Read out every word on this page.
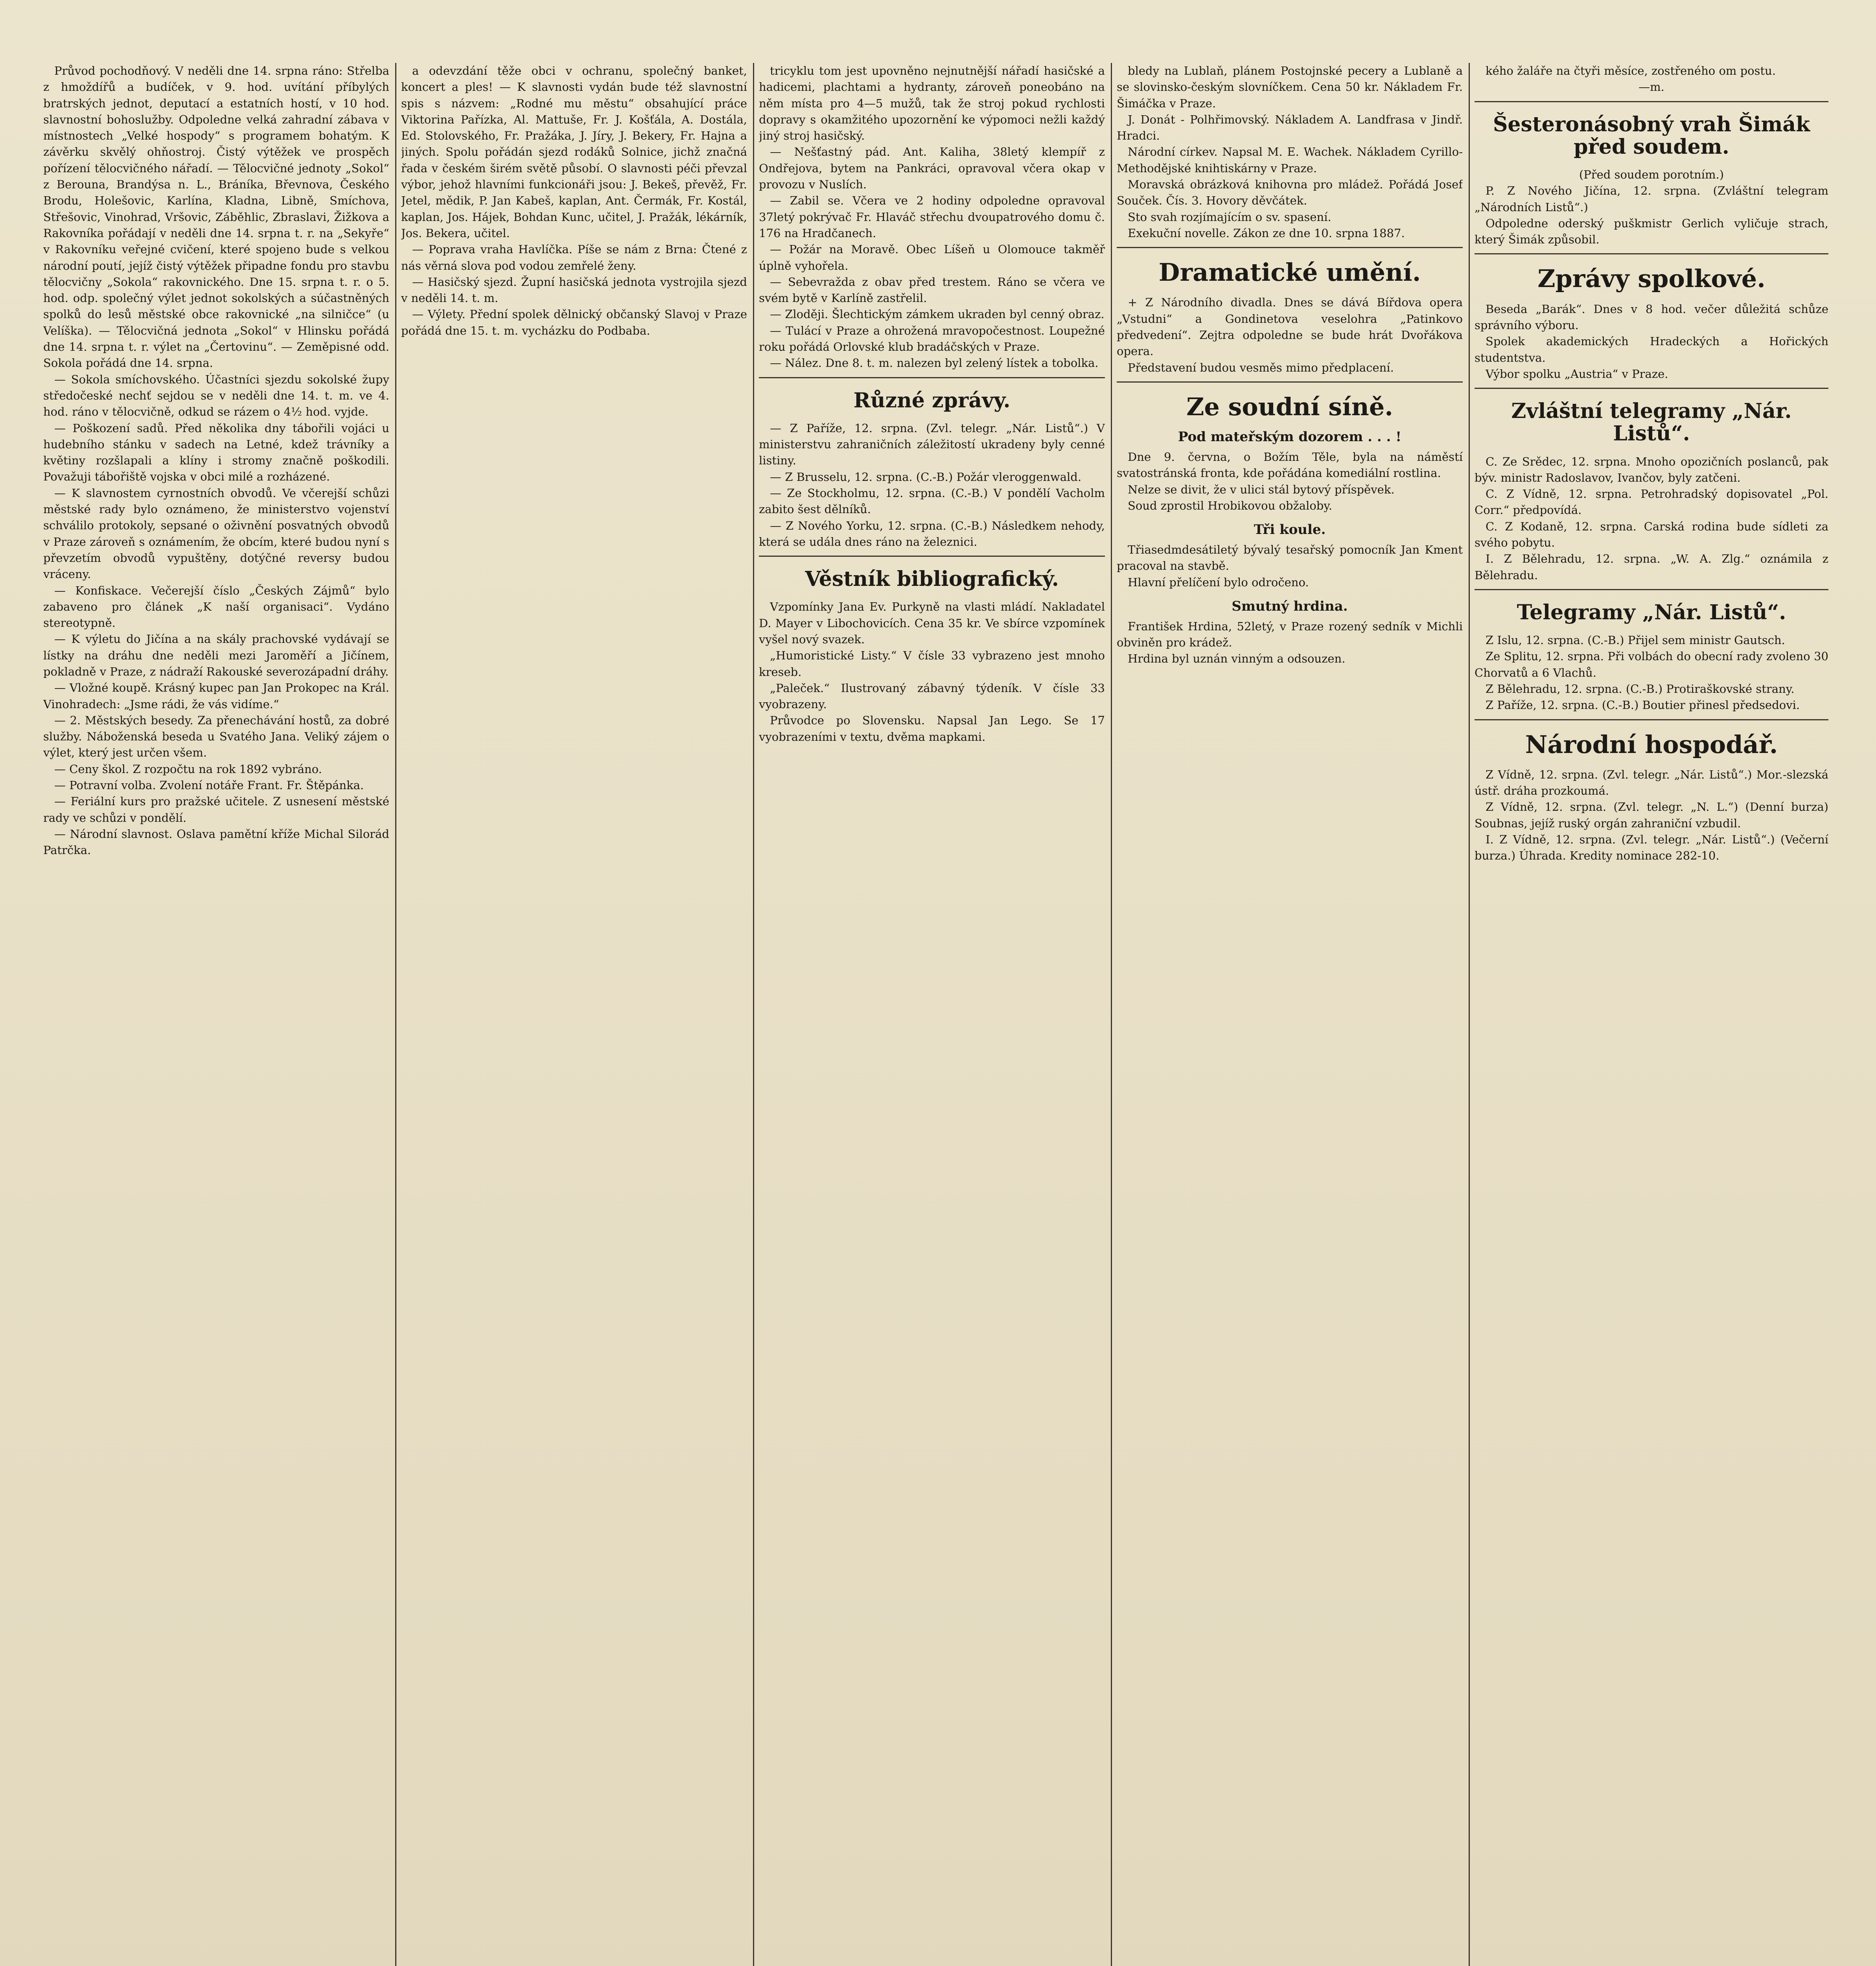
Průvod pochodňový. V neděli dne 14. srpna ráno: Střelba z hmoždířů a budíček, v 9. hod. uvítání příbylých bratrských jednot, deputací a estatních hostí, v 10 hod. slavnostní bohoslužby. Odpoledne velká zahradní zábava v místnostech „Velké hospody“ s programem bohatým. K závěrku skvělý ohňostroj. Čistý výtěžek ve prospěch pořízení tělocvičného nářadí. — Tělocvičné jednoty „Sokol“ z Berouna, Brandýsa n. L., Bráníka, Břevnova, Českého Brodu, Holešovic, Karlína, Kladna, Libně, Smíchova, Střešovic, Vinohrad, Vršovic, Záběhlic, Zbraslavi, Žižkova a Rakovníka pořádají v neděli dne 14. srpna t. r. na „Sekyře“ v Rakovníku veřejné cvičení, které spojeno bude s velkou národní poutí, jejíž čistý výtěžek připadne fondu pro stavbu tělocvičny „Sokola“ rakovnického. Dne 15. srpna t. r. o 5. hod. odp. společný výlet jednot sokolských a súčastněných spolků do lesů městské obce rakovnické „na silničce“ (u Velíška). — Tělocvičná jednota „Sokol“ v Hlinsku pořádá dne 14. srpna t. r. výlet na „Čertovinu“. — Zeměpisné odd. Sokola pořádá dne 14. srpna.

— Sokola smíchovského. Účastníci sjezdu sokolské župy středočeské nechť sejdou se v neděli dne 14. t. m. ve 4. hod. ráno v tělocvičně, odkud se rázem o 4½ hod. vyjde.

— Poškození sadů. Před několika dny tábořili vojáci u hudebního stánku v sadech na Letné, kdež trávníky a květiny rozšlapali a klíny i stromy značně poškodili. Považuji tábořiště vojska v obci milé a rozházené.

— K slavnostem cyrnostních obvodů. Ve včerejší schůzi městské rady bylo oznámeno, že ministerstvo vojenství schválilo protokoly, sepsané o oživnění posvatných obvodů v Praze zároveň s oznámením, že obcím, které budou nyní s převzetím obvodů vypuštěny, dotýčné reversy budou vráceny.

— Konfiskace. Večerejší číslo „Českých Zájmů“ bylo zabaveno pro článek „K naší organisaci“. Vydáno stereotypně.

— K výletu do Jičína a na skály prachovské vydávají se lístky na dráhu dne neděli mezi Jaroměří a Jičínem, pokladně v Praze, z nádraží Rakouské severozápadní dráhy.

— Vložné koupě. Krásný kupec pan Jan Prokopec na Král. Vinohradech: „Jsme rádi, že vás vidíme.“

— 2. Městských besedy. Za přenechávání hostů, za dobré služby. Náboženská beseda u Svatého Jana. Veliký zájem o výlet, který jest určen všem.

— Ceny škol. Z rozpočtu na rok 1892 vybráno.

— Potravní volba. Zvolení notáře Frant. Fr. Štěpánka.

— Feriální kurs pro pražské učitele. Z usnesení městské rady ve schůzi v pondělí.

— Národní slavnost. Oslava pamětní kříže Michal Silorád Patrčka.

a odevzdání těže obci v ochranu, společný banket, koncert a ples! — K slavnosti vydán bude též slavnostní spis s názvem: „Rodné mu městu“ obsahující práce Viktorina Pařízka, Al. Mattuše, Fr. J. Košťála, A. Dostála, Ed. Stolovského, Fr. Pražáka, J. Jíry, J. Bekery, Fr. Hajna a jiných. Spolu pořádán sjezd rodáků Solnice, jichž značná řada v českém širém světě působí. O slavnosti péči převzal výbor, jehož hlavními funkcionáři jsou: J. Bekeš, převěž, Fr. Jetel, mědik, P. Jan Kabeš, kaplan, Ant. Čermák, Fr. Kostál, kaplan, Jos. Hájek, Bohdan Kunc, učitel, J. Pražák, lékárník, Jos. Bekera, učitel.

— Poprava vraha Havlíčka. Píše se nám z Brna: Čtené z nás věrná slova pod vodou zemřelé ženy.

— Hasičský sjezd. Župní hasičská jednota vystrojila sjezd v neděli 14. t. m.

— Výlety. Přední spolek dělnický občanský Slavoj v Praze pořádá dne 15. t. m. vycházku do Podbaba.

tricyklu tom jest upovněno nejnutnější nářadí hasičské a hadicemi, plachtami a hydranty, zároveň poneobáno na něm místa pro 4—5 mužů, tak že stroj pokud rychlosti dopravy s okamžitého upozornění ke výpomoci nežli každý jiný stroj hasičský.

— Nešťastný pád. Ant. Kaliha, 38letý klempíř z Ondřejova, bytem na Pankráci, opravoval včera okap v provozu v Nuslích.

— Zabil se. Včera ve 2 hodiny odpoledne opravoval 37letý pokrývač Fr. Hlaváč střechu dvoupatrového domu č. 176 na Hradčanech.

— Požár na Moravě. Obec Líšeň u Olomouce takměř úplně vyhořela.

— Sebevražda z obav před trestem. Ráno se včera ve svém bytě v Karlíně zastřelil.

— Zloději. Šlechtickým zámkem ukraden byl cenný obraz.

— Tulácí v Praze a ohrožená mravopočestnost. Loupežné roku pořádá Orlovské klub bradáčských v Praze.

— Nález. Dne 8. t. m. nalezen byl zelený lístek a tobolka.

Různé zprávy.

— Z Paříže, 12. srpna. (Zvl. telegr. „Nár. Listů“.) V ministerstvu zahraničních záležitostí ukradeny byly cenné listiny.

— Z Brusselu, 12. srpna. (C.-B.) Požár vleroggenwald.

— Ze Stockholmu, 12. srpna. (C.-B.) V pondělí Vacholm zabito šest dělníků.

— Z Nového Yorku, 12. srpna. (C.-B.) Následkem nehody, která se udála dnes ráno na železnici.

Věstník bibliografický.

Vzpomínky Jana Ev. Purkyně na vlasti mládí. Nakladatel D. Mayer v Libochovicích. Cena 35 kr. Ve sbírce vzpomínek vyšel nový svazek.

„Humoristické Listy.“ V čísle 33 vybrazeno jest mnoho kreseb.

„Paleček.“ Ilustrovaný zábavný týdeník. V čísle 33 vyobrazeny.

Průvodce po Slovensku. Napsal Jan Lego. Se 17 vyobrazeními v textu, dvěma mapkami.

bledy na Lublaň, plánem Postojnské pecery a Lublaně a se slovinsko-českým slovníčkem. Cena 50 kr. Nákladem Fr. Šimáčka v Praze.

J. Donát - Polhřimovský. Nákladem A. Landfrasa v Jindř. Hradci.

Národní církev. Napsal M. E. Wachek. Nákladem Cyrillo-Methodějské knihtiskárny v Praze.

Moravská obrázková knihovna pro mládež. Pořádá Josef Souček. Čís. 3. Hovory děvčátek.

Sto svah rozjímajícím o sv. spasení.

Exekuční novelle. Zákon ze dne 10. srpna 1887.

Dramatické umění.

+ Z Národního divadla. Dnes se dává Bířdova opera „Vstudni“ a Gondinetova veselohra „Patinkovo předvedení“. Zejtra odpoledne se bude hrát Dvořákova opera.

Představení budou vesměs mimo předplacení.

Ze soudní síně.
Pod mateřským dozorem . . . !

Dne 9. června, o Božím Těle, byla na náměstí svatostránská fronta, kde pořádána komediální rostlina.

Nelze se divit, že v ulici stál bytový příspěvek.

Soud zprostil Hrobikovou obžaloby.

Tři koule.

Třiasedmdesátiletý bývalý tesařský pomocník Jan Kment pracoval na stavbě.

Hlavní přelíčení bylo odročeno.

Smutný hrdina.

František Hrdina, 52letý, v Praze rozený sedník v Michli obviněn pro krádež.

Hrdina byl uznán vinným a odsouzen.

kého žaláře na čtyři měsíce, zostřeného om postu.

—m.

Šesteronásobný vrah Šimák před soudem.

(Před soudem porotním.)

P. Z Nového Jičína, 12. srpna. (Zvláštní telegram „Národních Listů“.)

Odpoledne oderský puškmistr Gerlich vyličuje strach, který Šimák způsobil.

Zprávy spolkové.

Beseda „Barák“. Dnes v 8 hod. večer důležitá schůze správního výboru.

Spolek akademických Hradeckých a Hořických studentstva.

Výbor spolku „Austria“ v Praze.

Zvláštní telegramy „Nár. Listů“.

C. Ze Srědec, 12. srpna. Mnoho opozičních poslanců, pak býv. ministr Radoslavov, Ivančov, byly zatčeni.

C. Z Vídně, 12. srpna. Petrohradský dopisovatel „Pol. Corr.“ předpovídá.

C. Z Kodaně, 12. srpna. Carská rodina bude sídleti za svého pobytu.

I. Z Bělehradu, 12. srpna. „W. A. Zlg.“ oznámila z Bělehradu.

Telegramy „Nár. Listů“.

Z Islu, 12. srpna. (C.-B.) Přijel sem ministr Gautsch.

Ze Splitu, 12. srpna. Při volbách do obecní rady zvoleno 30 Chorvatů a 6 Vlachů.

Z Bělehradu, 12. srpna. (C.-B.) Protiraškovské strany.

Z Paříže, 12. srpna. (C.-B.) Boutier přinesl předsedovi.

Národní hospodář.

Z Vídně, 12. srpna. (Zvl. telegr. „Nár. Listů“.) Mor.-slezská ústř. dráha prozkoumá.

Z Vídně, 12. srpna. (Zvl. telegr. „N. L.“) (Denní burza) Soubnas, jejíž ruský orgán zahraniční vzbudil.

I. Z Vídně, 12. srpna. (Zvl. telegr. „Nár. Listů“.) (Večerní burza.) Úhrada. Kredity nominace 282-10.
